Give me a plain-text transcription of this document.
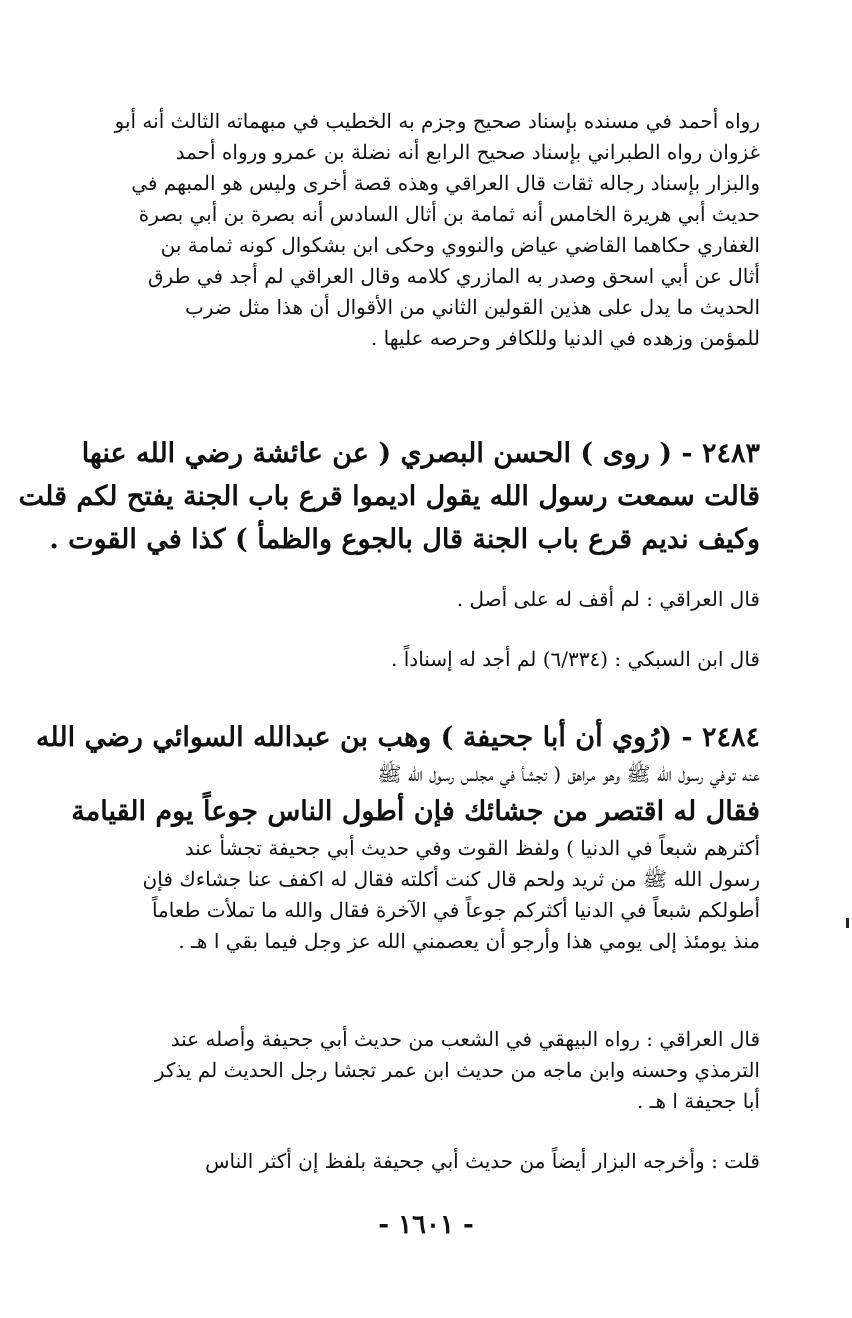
رواه أحمد في مسنده بإسناد صحيح وجزم به الخطيب في مبهماته الثالث أنه أبو
غزوان رواه الطبراني بإسناد صحيح الرابع أنه نضلة بن عمرو ورواه أحمد
والبزار بإسناد رجاله ثقات قال العراقي وهذه قصة أخرى وليس هو المبهم في
حديث أبي هريرة الخامس أنه ثمامة بن أثال السادس أنه بصرة بن أبي بصرة
الغفاري حكاهما القاضي عياض والنووي وحكى ابن بشكوال كونه ثمامة بن
أثال عن أبي اسحق وصدر به المازري كلامه وقال العراقي لم أجد في طرق
الحديث ما يدل على هذين القولين الثاني من الأقوال أن هذا مثل ضرب
للمؤمن وزهده في الدنيا وللكافر وحرصه عليها .
٢٤٨٣ - ( روى ) الحسن البصري ( عن عائشة رضي الله عنها
قالت سمعت رسول الله يقول اديموا قرع باب الجنة يفتح لكم قلت
وكيف نديم قرع باب الجنة قال بالجوع والظمأ ) كذا في القوت .
قال العراقي : لم أقف له على أصل .
قال ابن السبكي : (٦/٣٣٤) لم أجد له إسناداً .
٢٤٨٤ - (رُوي أن أبا جحيفة ) وهب بن عبدالله السوائي رضي الله
عنه توفي رسول الله ﷺ وهو مراهق ( تجشأ في مجلس رسول الله ﷺ
فقال له اقتصر من جشائك فإن أطول الناس جوعاً يوم القيامة
أكثرهم شبعاً في الدنيا ) ولفظ القوت وفي حديث أبي جحيفة تجشأ عند
رسول الله ﷺ من ثريد ولحم قال كنت أكلته فقال له اكفف عنا جشاءك فإن
أطولكم شبعاً في الدنيا أكثركم جوعاً في الآخرة فقال والله ما تملأت طعاماً
منذ يومئذ إلى يومي هذا وأرجو أن يعصمني الله عز وجل فيما بقي ا هـ .
قال العراقي : رواه البيهقي في الشعب من حديث أبي جحيفة وأصله عند
الترمذي وحسنه وابن ماجه من حديث ابن عمر تجشا رجل الحديث لم يذكر
أبا جحيفة ا هـ .
قلت : وأخرجه البزار أيضاً من حديث أبي جحيفة بلفظ إن أكثر الناس
- ١٦٠١ -
